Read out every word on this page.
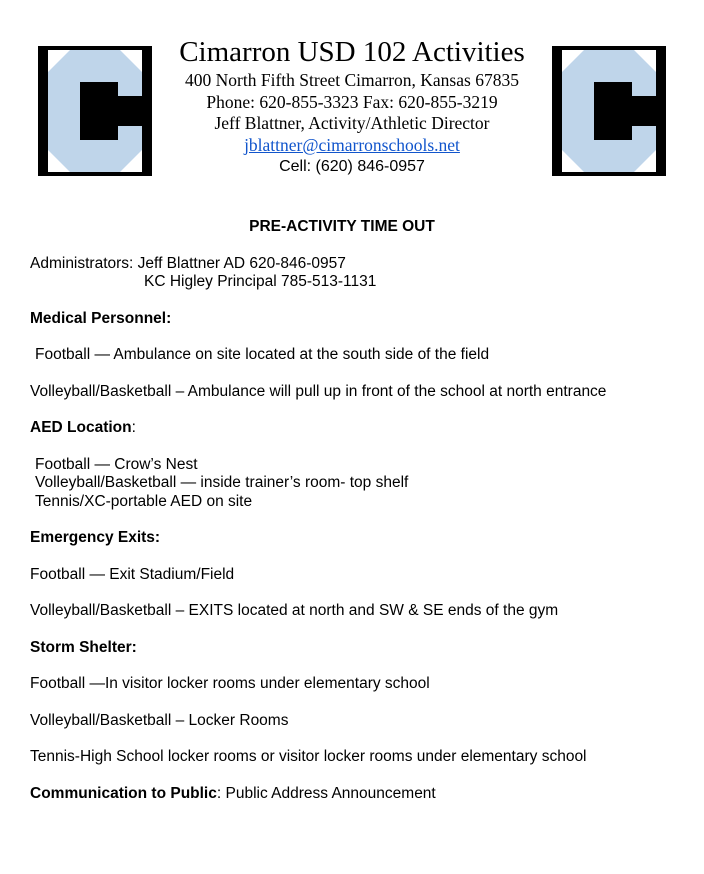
Cimarron USD 102 Activities
400 North Fifth Street Cimarron, Kansas 67835
Phone: 620-855-3323 Fax: 620-855-3219
Jeff Blattner, Activity/Athletic Director
jblattner@cimarronschools.net
Cell: (620) 846-0957
PRE-ACTIVITY TIME OUT

Administrators: Jeff Blattner AD 620-846-0957
KC Higley Principal 785-513-1131

Medical Personnel:

Football — Ambulance on site located at the south side of the field

Volleyball/Basketball – Ambulance will pull up in front of the school at north entrance

AED Location:

Football — Crow’s Nest
Volleyball/Basketball — inside trainer’s room- top shelf
Tennis/XC-portable AED on site

Emergency Exits:

Football — Exit Stadium/Field

Volleyball/Basketball – EXITS located at north and SW & SE ends of the gym

Storm Shelter:

Football —In visitor locker rooms under elementary school

Volleyball/Basketball – Locker Rooms

Tennis-High School locker rooms or visitor locker rooms under elementary school

Communication to Public: Public Address Announcement
